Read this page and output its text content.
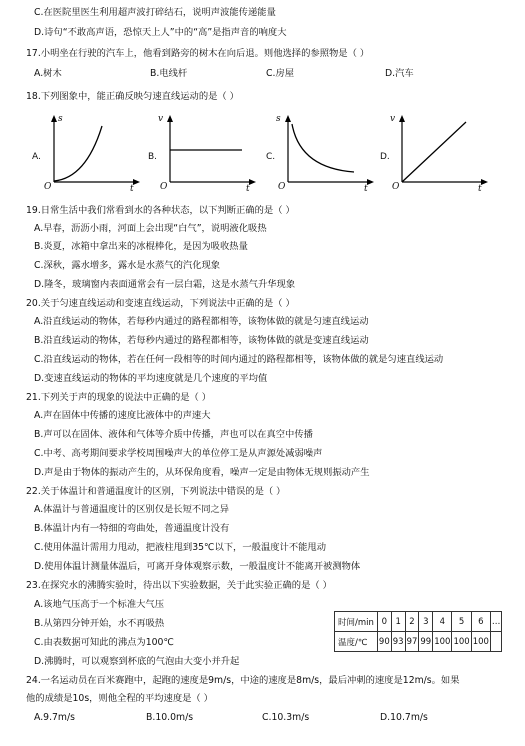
C.在医院里医生利用超声波打碎结石，说明声波能传递能量
D.诗句“不敢高声语，恐惊天上人”中的“高”是指声音的响度大
17.小明坐在行驶的汽车上，他看到路旁的树木在向后退。则他选择的参照物是（ ）
A.树木	B.电线杆	C.房屋	D.汽车
18.下列图象中，能正确反映匀速直线运动的是（ ）
A.
s
t
O
B.
v
t
O
C.
s
t
O
D.
v
t
O
19.日常生活中我们常看到水的各种状态，以下判断正确的是（ ）
A.早春，沥沥小雨，河面上会出现“白气”，说明液化吸热
B.炎夏，冰箱中拿出来的冰棍棒化，是因为吸收热量
C.深秋，露水增多，露水是水蒸气的汽化现象
D.隆冬，玻璃窗内表面通常会有一层白霜，这是水蒸气升华现象
20.关于匀速直线运动和变速直线运动，下列说法中正确的是（ ）
A.沿直线运动的物体，若每秒内通过的路程都相等，该物体做的就是匀速直线运动
B.沿直线运动的物体，若每秒内通过的路程都相等，该物体做的就是变速直线运动
C.沿直线运动的物体，若在任何一段相等的时间内通过的路程都相等，该物体做的就是匀速直线运动
D.变速直线运动的物体的平均速度就是几个速度的平均值
21.下列关于声的现象的说法中正确的是（ ）
A.声在固体中传播的速度比液体中的声速大
B.声可以在固体、液体和气体等介质中传播，声也可以在真空中传播
C.中考、高考期间要求学校周围噪声大的单位停工是从声源处减弱噪声
D.声是由于物体的振动产生的，从环保角度看，噪声一定是由物体无规则振动产生
22.关于体温计和普通温度计的区别，下列说法中错误的是（ ）
A.体温计与普通温度计的区别仅是长短不同之异
B.体温计内有一特细的弯曲处，普通温度计没有
C.使用体温计需用力甩动，把液柱甩到35℃以下，一般温度计不能甩动
D.使用体温计测量体温后，可离开身体观察示数，一般温度计不能离开被测物体
23.在探究水的沸腾实验时，待出以下实验数据，关于此实验正确的是（ ）
A.该地气压高于一个标准大气压
B.从第四分钟开始，水不再吸热
C.由表数据可知此的沸点为100℃
D.沸腾时，可以观察到杯底的气泡由大变小并升起
时间/min	0	1	2	3	4	5	6	…
温度/℃	90	93	97	99	100	100	100	
24.一名运动员在百米赛跑中，起跑的速度是9m/s，中途的速度是8m/s，最后冲刺的速度是12m/s。如果
他的成绩是10s，则他全程的平均速度是（ ）
A.9.7m/s	B.10.0m/s	C.10.3m/s	D.10.7m/s
